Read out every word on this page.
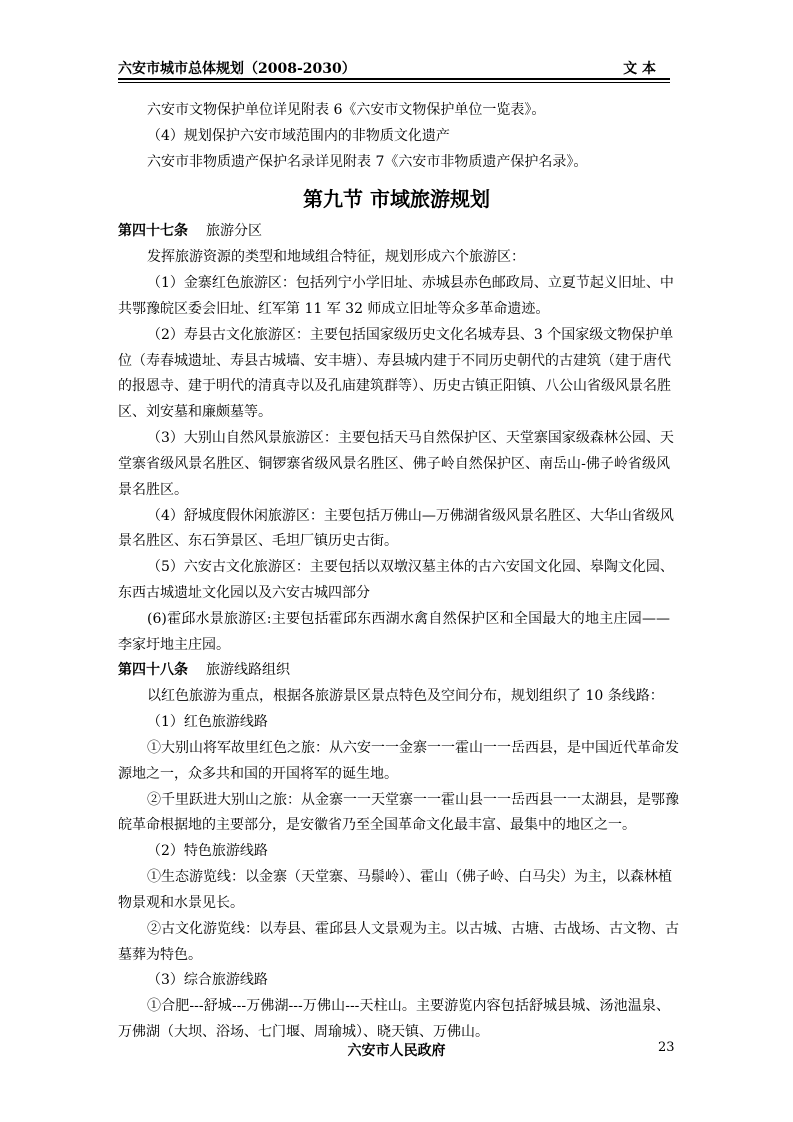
六安市城市总体规划（2008-2030）	文 本
六安市文物保护单位详见附表 6《六安市文物保护单位一览表》。
（4）规划保护六安市域范围内的非物质文化遗产
六安市非物质遗产保护名录详见附表 7《六安市非物质遗产保护名录》。
第九节 市域旅游规划
第四十七条 旅游分区
发挥旅游资源的类型和地域组合特征，规划形成六个旅游区：
（1）金寨红色旅游区：包括列宁小学旧址、赤城县赤色邮政局、立夏节起义旧址、中
共鄂豫皖区委会旧址、红军第 11 军 32 师成立旧址等众多革命遗迹。
（2）寿县古文化旅游区：主要包括国家级历史文化名城寿县、3 个国家级文物保护单
位（寿春城遗址、寿县古城墙、安丰塘）、寿县城内建于不同历史朝代的古建筑（建于唐代
的报恩寺、建于明代的清真寺以及孔庙建筑群等）、历史古镇正阳镇、八公山省级风景名胜
区、刘安墓和廉颇墓等。
（3）大别山自然风景旅游区：主要包括天马自然保护区、天堂寨国家级森林公园、天
堂寨省级风景名胜区、铜锣寨省级风景名胜区、佛子岭自然保护区、南岳山-佛子岭省级风
景名胜区。
（4）舒城度假休闲旅游区：主要包括万佛山—万佛湖省级风景名胜区、大华山省级风
景名胜区、东石笋景区、毛坦厂镇历史古街。
（5）六安古文化旅游区：主要包括以双墩汉墓主体的古六安国文化园、皋陶文化园、
东西古城遗址文化园以及六安古城四部分
(6)霍邱水景旅游区:主要包括霍邱东西湖水禽自然保护区和全国最大的地主庄园——
李家圩地主庄园。
第四十八条 旅游线路组织
以红色旅游为重点，根据各旅游景区景点特色及空间分布，规划组织了 10 条线路：
（1）红色旅游线路
①大别山将军故里红色之旅：从六安一一金寨一一霍山一一岳西县，是中国近代革命发
源地之一，众多共和国的开国将军的诞生地。
②千里跃进大别山之旅：从金寨一一天堂寨一一霍山县一一岳西县一一太湖县，是鄂豫
皖革命根据地的主要部分，是安徽省乃至全国革命文化最丰富、最集中的地区之一。
（2）特色旅游线路
①生态游览线：以金寨（天堂寨、马鬃岭）、霍山（佛子岭、白马尖）为主，以森林植
物景观和水景见长。
②古文化游览线：以寿县、霍邱县人文景观为主。以古城、古塘、古战场、古文物、古
墓葬为特色。
（3）综合旅游线路
①合肥---舒城---万佛湖---万佛山---天柱山。主要游览内容包括舒城县城、汤池温泉、
万佛湖（大坝、浴场、七门堰、周瑜城）、晓天镇、万佛山。
六安市人民政府	23
